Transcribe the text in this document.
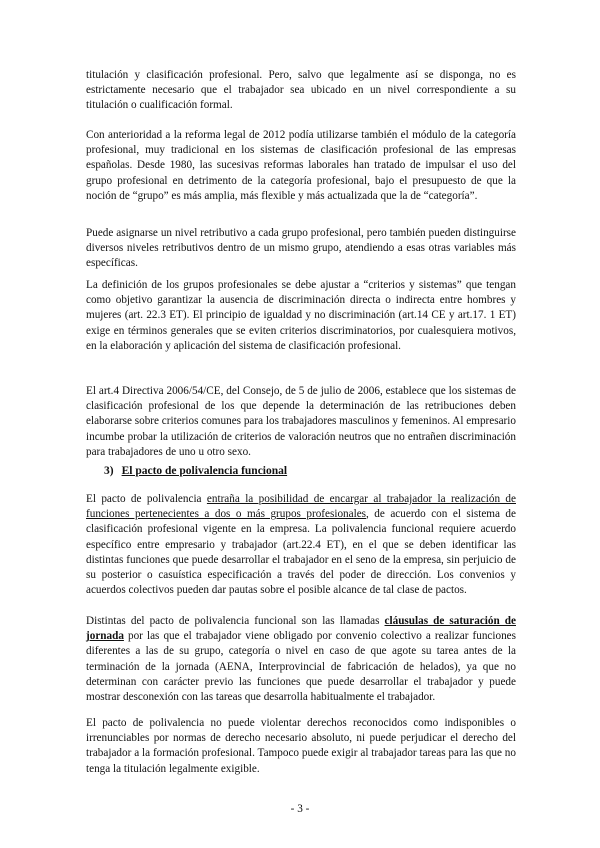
titulación y clasificación profesional. Pero, salvo que legalmente así se disponga, no es estrictamente necesario que el trabajador sea ubicado en un nivel correspondiente a su titulación o cualificación formal.

Con anterioridad a la reforma legal de 2012 podía utilizarse también el módulo de la categoría profesional, muy tradicional en los sistemas de clasificación profesional de las empresas españolas. Desde 1980, las sucesivas reformas laborales han tratado de impulsar el uso del grupo profesional en detrimento de la categoría profesional, bajo el presupuesto de que la noción de “grupo” es más amplia, más flexible y más actualizada que la de “categoría”.

Puede asignarse un nivel retributivo a cada grupo profesional, pero también pueden distinguirse diversos niveles retributivos dentro de un mismo grupo, atendiendo a esas otras variables más específicas.

La definición de los grupos profesionales se debe ajustar a “criterios y sistemas” que tengan como objetivo garantizar la ausencia de discriminación directa o indirecta entre hombres y mujeres (art. 22.3 ET). El principio de igualdad y no discriminación (art.14 CE y art.17. 1 ET) exige en términos generales que se eviten criterios discriminatorios, por cualesquiera motivos, en la elaboración y aplicación del sistema de clasificación profesional.

El art.4 Directiva 2006/54/CE, del Consejo, de 5 de julio de 2006, establece que los sistemas de clasificación profesional de los que depende la determinación de las retribuciones deben elaborarse sobre criterios comunes para los trabajadores masculinos y femeninos. Al empresario incumbe probar la utilización de criterios de valoración neutros que no entrañen discriminación para trabajadores de uno u otro sexo.

3) El pacto de polivalencia funcional

El pacto de polivalencia entraña la posibilidad de encargar al trabajador la realización de funciones pertenecientes a dos o más grupos profesionales, de acuerdo con el sistema de clasificación profesional vigente en la empresa. La polivalencia funcional requiere acuerdo específico entre empresario y trabajador (art.22.4 ET), en el que se deben identificar las distintas funciones que puede desarrollar el trabajador en el seno de la empresa, sin perjuicio de su posterior o casuística especificación a través del poder de dirección. Los convenios y acuerdos colectivos pueden dar pautas sobre el posible alcance de tal clase de pactos.

Distintas del pacto de polivalencia funcional son las llamadas cláusulas de saturación de jornada por las que el trabajador viene obligado por convenio colectivo a realizar funciones diferentes a las de su grupo, categoría o nivel en caso de que agote su tarea antes de la terminación de la jornada (AENA, Interprovincial de fabricación de helados), ya que no determinan con carácter previo las funciones que puede desarrollar el trabajador y puede mostrar desconexión con las tareas que desarrolla habitualmente el trabajador.

El pacto de polivalencia no puede violentar derechos reconocidos como indisponibles o irrenunciables por normas de derecho necesario absoluto, ni puede perjudicar el derecho del trabajador a la formación profesional. Tampoco puede exigir al trabajador tareas para las que no tenga la titulación legalmente exigible.

- 3 -
